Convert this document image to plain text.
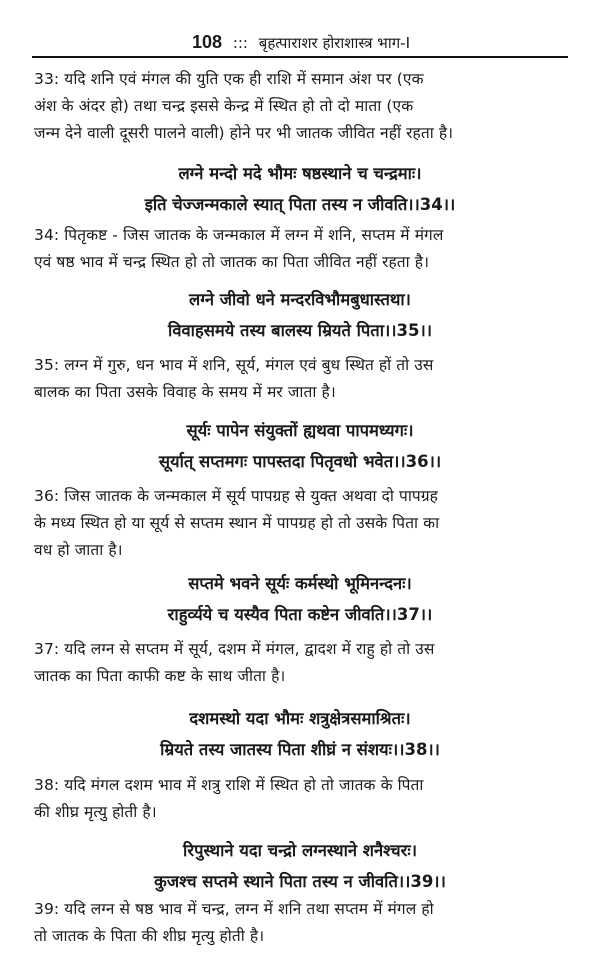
108 ::: बृहत्पाराशर होराशास्त्र भाग-I
33: यदि शनि एवं मंगल की युति एक ही राशि में समान अंश पर (एक
अंश के अंदर हो) तथा चन्द्र इससे केन्द्र में स्थित हो तो दो माता (एक
जन्म देने वाली दूसरी पालने वाली) होने पर भी जातक जीवित नहीं रहता है।
लग्ने मन्दो मदे भौमः षष्ठस्थाने च चन्द्रमाः।
इति चेज्जन्मकाले स्यात् पिता तस्य न जीवति।।34।।
34: पितृकष्ट - जिस जातक के जन्मकाल में लग्न में शनि, सप्तम में मंगल
एवं षष्ठ भाव में चन्द्र स्थित हो तो जातक का पिता जीवित नहीं रहता है।
लग्ने जीवो धने मन्दरविभौमबुधास्तथा।
विवाहसमये तस्य बालस्य म्रियते पिता।।35।।
35: लग्न में गुरु, धन भाव में शनि, सूर्य, मंगल एवं बुध स्थित हों तो उस
बालक का पिता उसके विवाह के समय में मर जाता है।
सूर्यः पापेन संयुक्तों ह्यथवा पापमध्यगः।
सूर्यात् सप्तमगः पापस्तदा पितृवधो भवेत।।36।।
36: जिस जातक के जन्मकाल में सूर्य पापग्रह से युक्त अथवा दो पापग्रह
के मध्य स्थित हो या सूर्य से सप्तम स्थान में पापग्रह हो तो उसके पिता का
वध हो जाता है।
सप्तमे भवने सूर्यः कर्मस्थो भूमिनन्दनः।
राहुर्व्यये च यस्यैव पिता कष्टेन जीवति।।37।।
37: यदि लग्न से सप्तम में सूर्य, दशम में मंगल, द्वादश में राहु हो तो उस
जातक का पिता काफी कष्ट के साथ जीता है।
दशमस्थो यदा भौमः शत्रुक्षेत्रसमाश्रितः।
म्रियते तस्य जातस्य पिता शीघ्रं न संशयः।।38।।
38: यदि मंगल दशम भाव में शत्रु राशि में स्थित हो तो जातक के पिता
की शीघ्र मृत्यु होती है।
रिपुस्थाने यदा चन्द्रो लग्नस्थाने शनैश्चरः।
कुजश्च सप्तमे स्थाने पिता तस्य न जीवति।।39।।
39: यदि लग्न से षष्ठ भाव में चन्द्र, लग्न में शनि तथा सप्तम में मंगल हो
तो जातक के पिता की शीघ्र मृत्यु होती है।
